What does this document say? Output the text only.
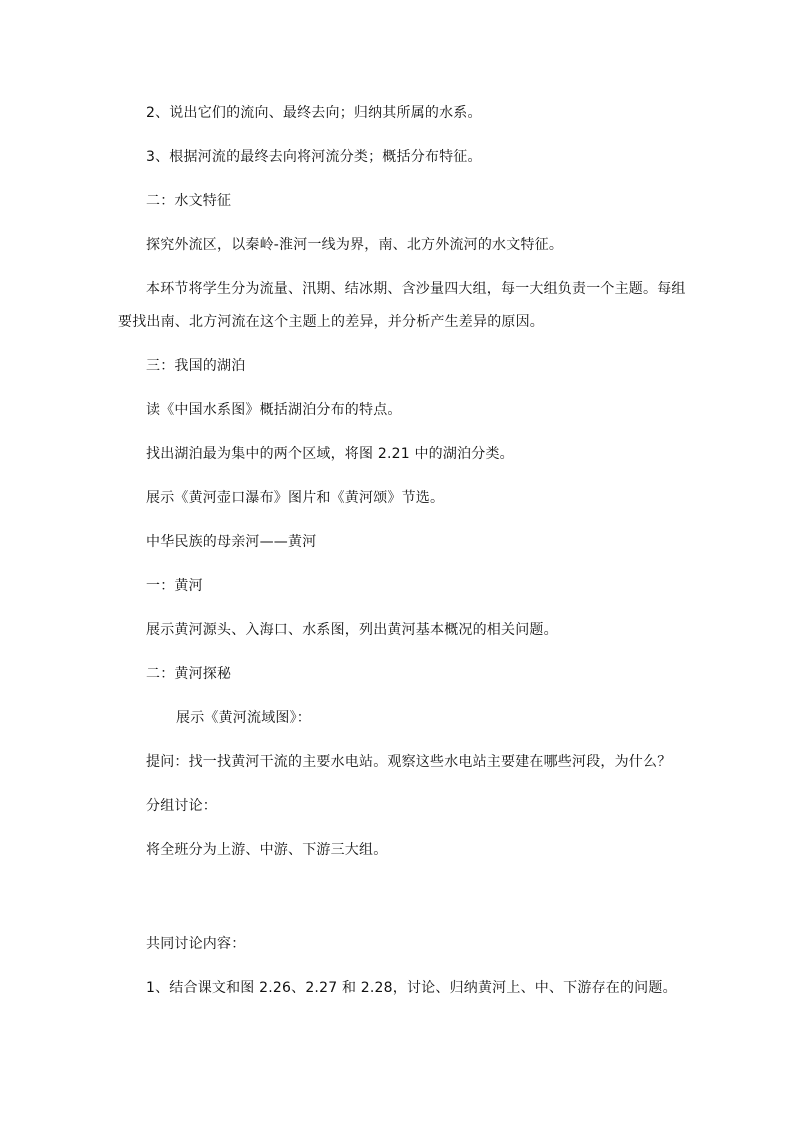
2、说出它们的流向、最终去向；归纳其所属的水系。
3、根据河流的最终去向将河流分类；概括分布特征。
二：水文特征
探究外流区，以秦岭-淮河一线为界，南、北方外流河的水文特征。
本环节将学生分为流量、汛期、结冰期、含沙量四大组，每一大组负责一个主题。每组
要找出南、北方河流在这个主题上的差异，并分析产生差异的原因。
三：我国的湖泊
读《中国水系图》概括湖泊分布的特点。
找出湖泊最为集中的两个区域，将图 2.21 中的湖泊分类。
展示《黄河壶口瀑布》图片和《黄河颂》节选。
中华民族的母亲河——黄河
一：黄河
展示黄河源头、入海口、水系图，列出黄河基本概况的相关问题。
二：黄河探秘
展示《黄河流域图》：
提问：找一找黄河干流的主要水电站。观察这些水电站主要建在哪些河段，为什么？
分组讨论：
将全班分为上游、中游、下游三大组。
共同讨论内容：
1、结合课文和图 2.26、2.27 和 2.28，讨论、归纳黄河上、中、下游存在的问题。
